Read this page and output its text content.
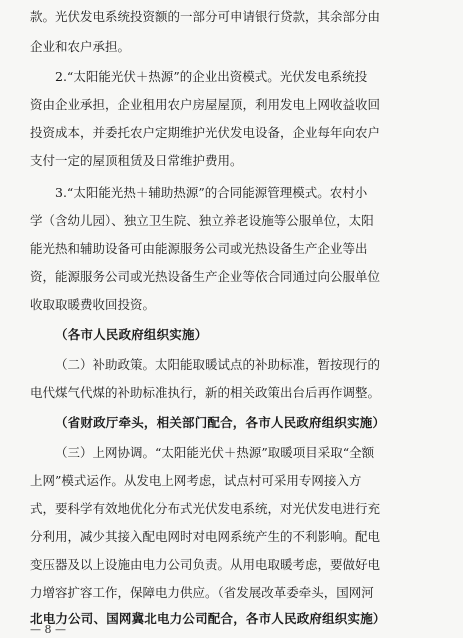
款。光伏发电系统投资额的一部分可申请银行贷款，其余部分由

企业和农户承担。

2.“太阳能光伏＋热源”的企业出资模式。光伏发电系统投

资由企业承担，企业租用农户房屋屋顶，利用发电上网收益收回

投资成本，并委托农户定期维护光伏发电设备，企业每年向农户

支付一定的屋顶租赁及日常维护费用。

3.“太阳能光热＋辅助热源”的合同能源管理模式。农村小

学（含幼儿园）、独立卫生院、独立养老设施等公服单位，太阳

能光热和辅助设备可由能源服务公司或光热设备生产企业等出

资，能源服务公司或光热设备生产企业等依合同通过向公服单位

收取取暖费收回投资。

（各市人民政府组织实施）

（二）补助政策。太阳能取暖试点的补助标准，暂按现行的

电代煤气代煤的补助标准执行，新的相关政策出台后再作调整。

（省财政厅牵头，相关部门配合，各市人民政府组织实施）

（三）上网协调。“太阳能光伏＋热源”取暖项目采取“全额

上网”模式运作。从发电上网考虑，试点村可采用专网接入方

式，要科学有效地优化分布式光伏发电系统，对光伏发电进行充

分利用，减少其接入配电网时对电网系统产生的不利影响。配电

变压器及以上设施由电力公司负责。从用电取暖考虑，要做好电

力增容扩容工作，保障电力供应。（省发展改革委牵头，国网河

北电力公司、国网冀北电力公司配合，各市人民政府组织实施）

— 8 —
